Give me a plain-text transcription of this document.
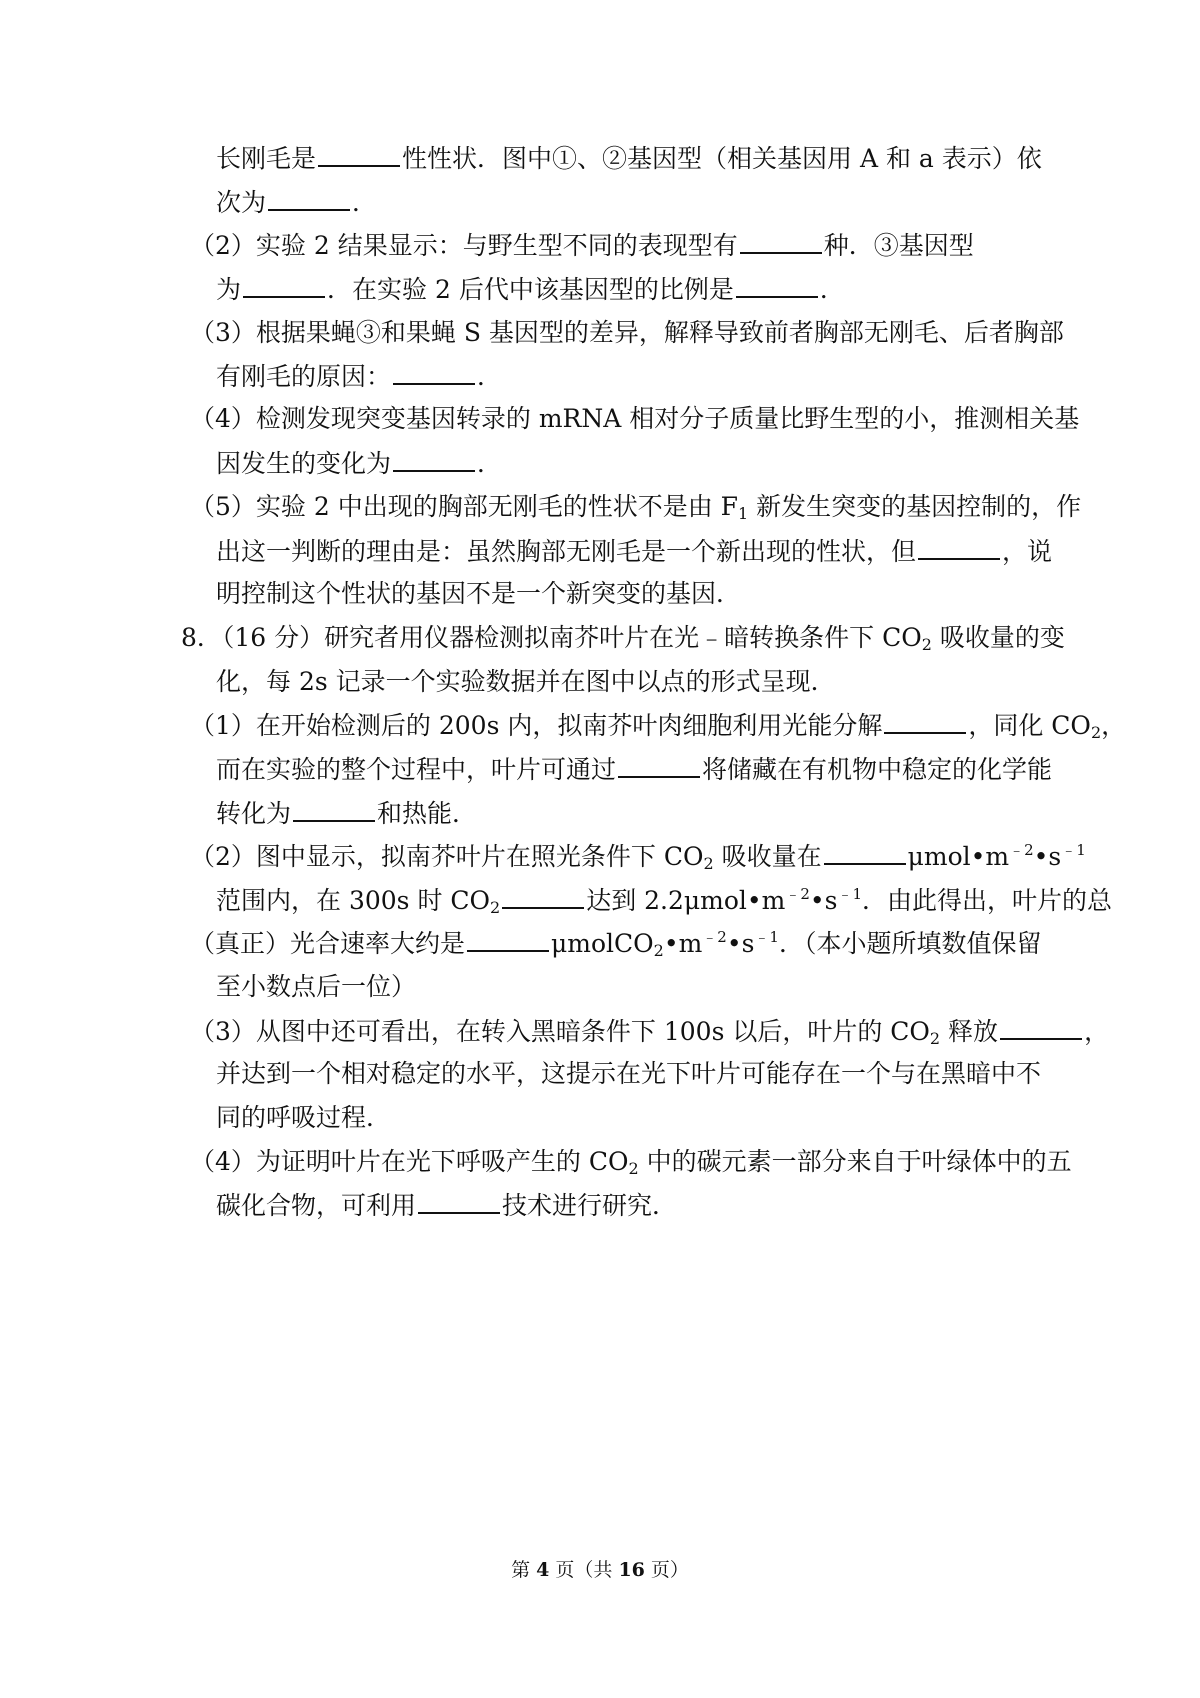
长刚毛是	性性状．图中①、②基因型（相关基因用 A 和 a 表示）依
次为	．
（2）实验 2 结果显示：与野生型不同的表现型有	种．③基因型
为	．在实验 2 后代中该基因型的比例是	．
（3）根据果蝇③和果蝇 S 基因型的差异，解释导致前者胸部无刚毛、后者胸部
有刚毛的原因：	．
（4）检测发现突变基因转录的 mRNA 相对分子质量比野生型的小，推测相关基
因发生的变化为	．
（5）实验 2 中出现的胸部无刚毛的性状不是由 $F_1$ 新发生突变的基因控制的，作
出这一判断的理由是：虽然胸部无刚毛是一个新出现的性状，但	，说
明控制这个性状的基因不是一个新突变的基因．
8．（16 分）研究者用仪器检测拟南芥叶片在光﹣暗转换条件下 $CO_2$ 吸收量的变
化，每 2s 记录一个实验数据并在图中以点的形式呈现．
（1）在开始检测后的 200s 内，拟南芥叶肉细胞利用光能分解	，同化 $CO_2$，
而在实验的整个过程中，叶片可通过	将储藏在有机物中稳定的化学能
转化为	和热能．
（2）图中显示，拟南芥叶片在照光条件下 $CO_2$ 吸收量在	$\mu mol•m^{﹣2}•s^{﹣1}$
范围内，在 300s 时 $CO_2$	达到 $2.2\mu mol•m^{﹣2}•s^{﹣1}$．由此得出，叶片的总
（真正）光合速率大约是	$\mu molCO_2•m^{﹣2}•s^{﹣1}$．（本小题所填数值保留
至小数点后一位）
（3）从图中还可看出，在转入黑暗条件下 100s 以后，叶片的 $CO_2$ 释放	，
并达到一个相对稳定的水平，这提示在光下叶片可能存在一个与在黑暗中不
同的呼吸过程．
（4）为证明叶片在光下呼吸产生的 $CO_2$ 中的碳元素一部分来自于叶绿体中的五
碳化合物，可利用	技术进行研究．
第 4 页（共 16 页）
